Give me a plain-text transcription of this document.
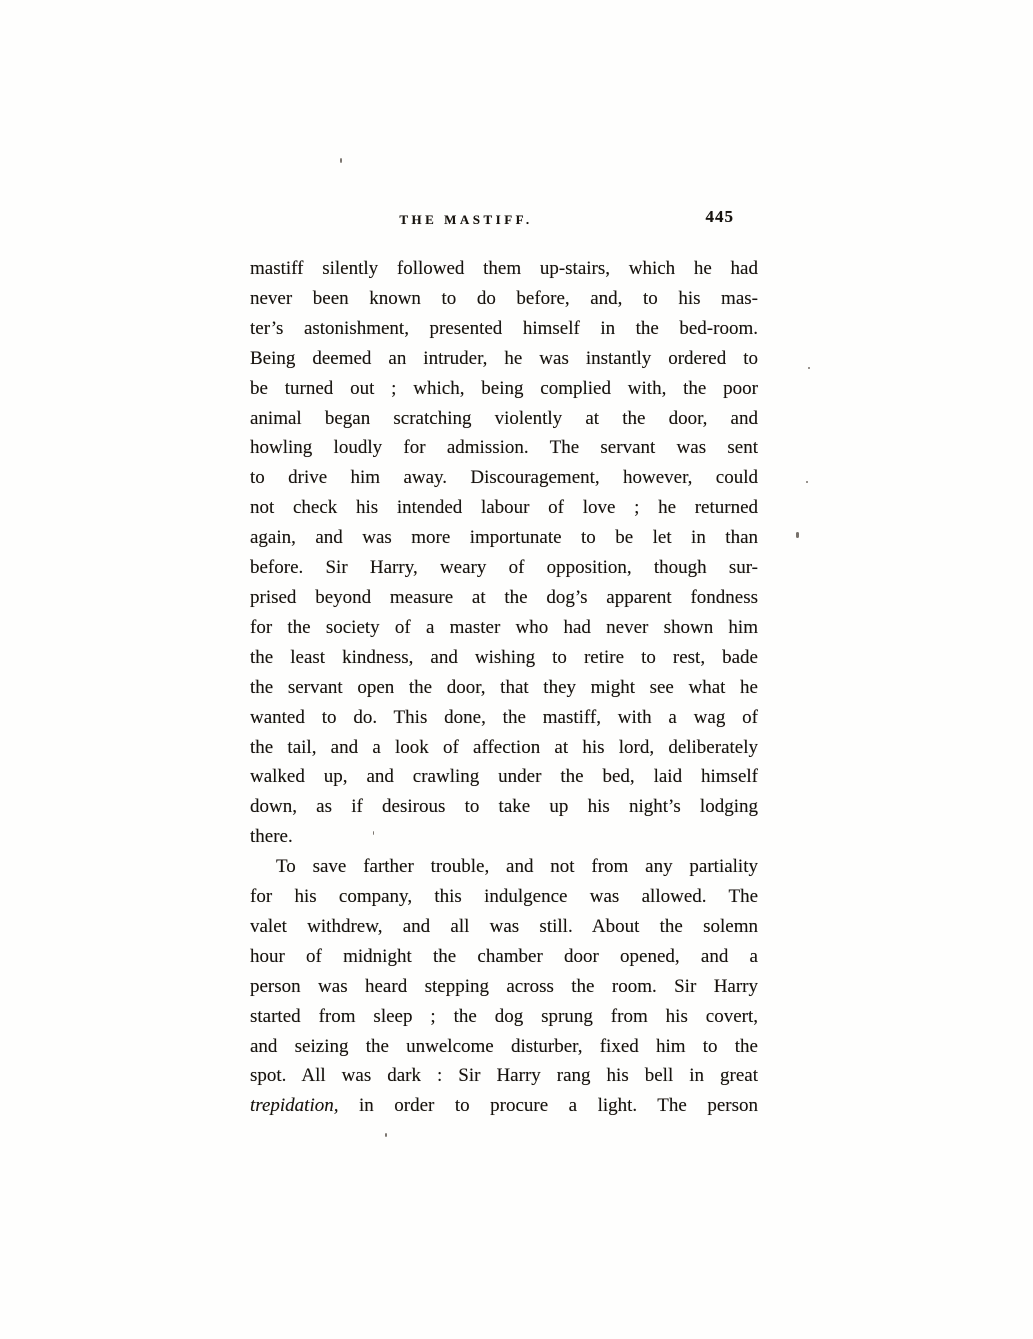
THE MASTIFF.	445
mastiff silently followed them up-stairs, which he had
never been known to do before, and, to his mas-
ter’s astonishment, presented himself in the bed-room.
Being deemed an intruder, he was instantly ordered to
be turned out ; which, being complied with, the poor
animal began scratching violently at the door, and
howling loudly for admission. The servant was sent
to drive him away. Discouragement, however, could
not check his intended labour of love ; he returned
again, and was more importunate to be let in than
before. Sir Harry, weary of opposition, though sur-
prised beyond measure at the dog’s apparent fondness
for the society of a master who had never shown him
the least kindness, and wishing to retire to rest, bade
the servant open the door, that they might see what he
wanted to do. This done, the mastiff, with a wag of
the tail, and a look of affection at his lord, deliberately
walked up, and crawling under the bed, laid himself
down, as if desirous to take up his night’s lodging
there.
To save farther trouble, and not from any partiality
for his company, this indulgence was allowed. The
valet withdrew, and all was still. About the solemn
hour of midnight the chamber door opened, and a
person was heard stepping across the room. Sir Harry
started from sleep ; the dog sprung from his covert,
and seizing the unwelcome disturber, fixed him to the
spot. All was dark : Sir Harry rang his bell in great
trepidation, in order to procure a light. The person
